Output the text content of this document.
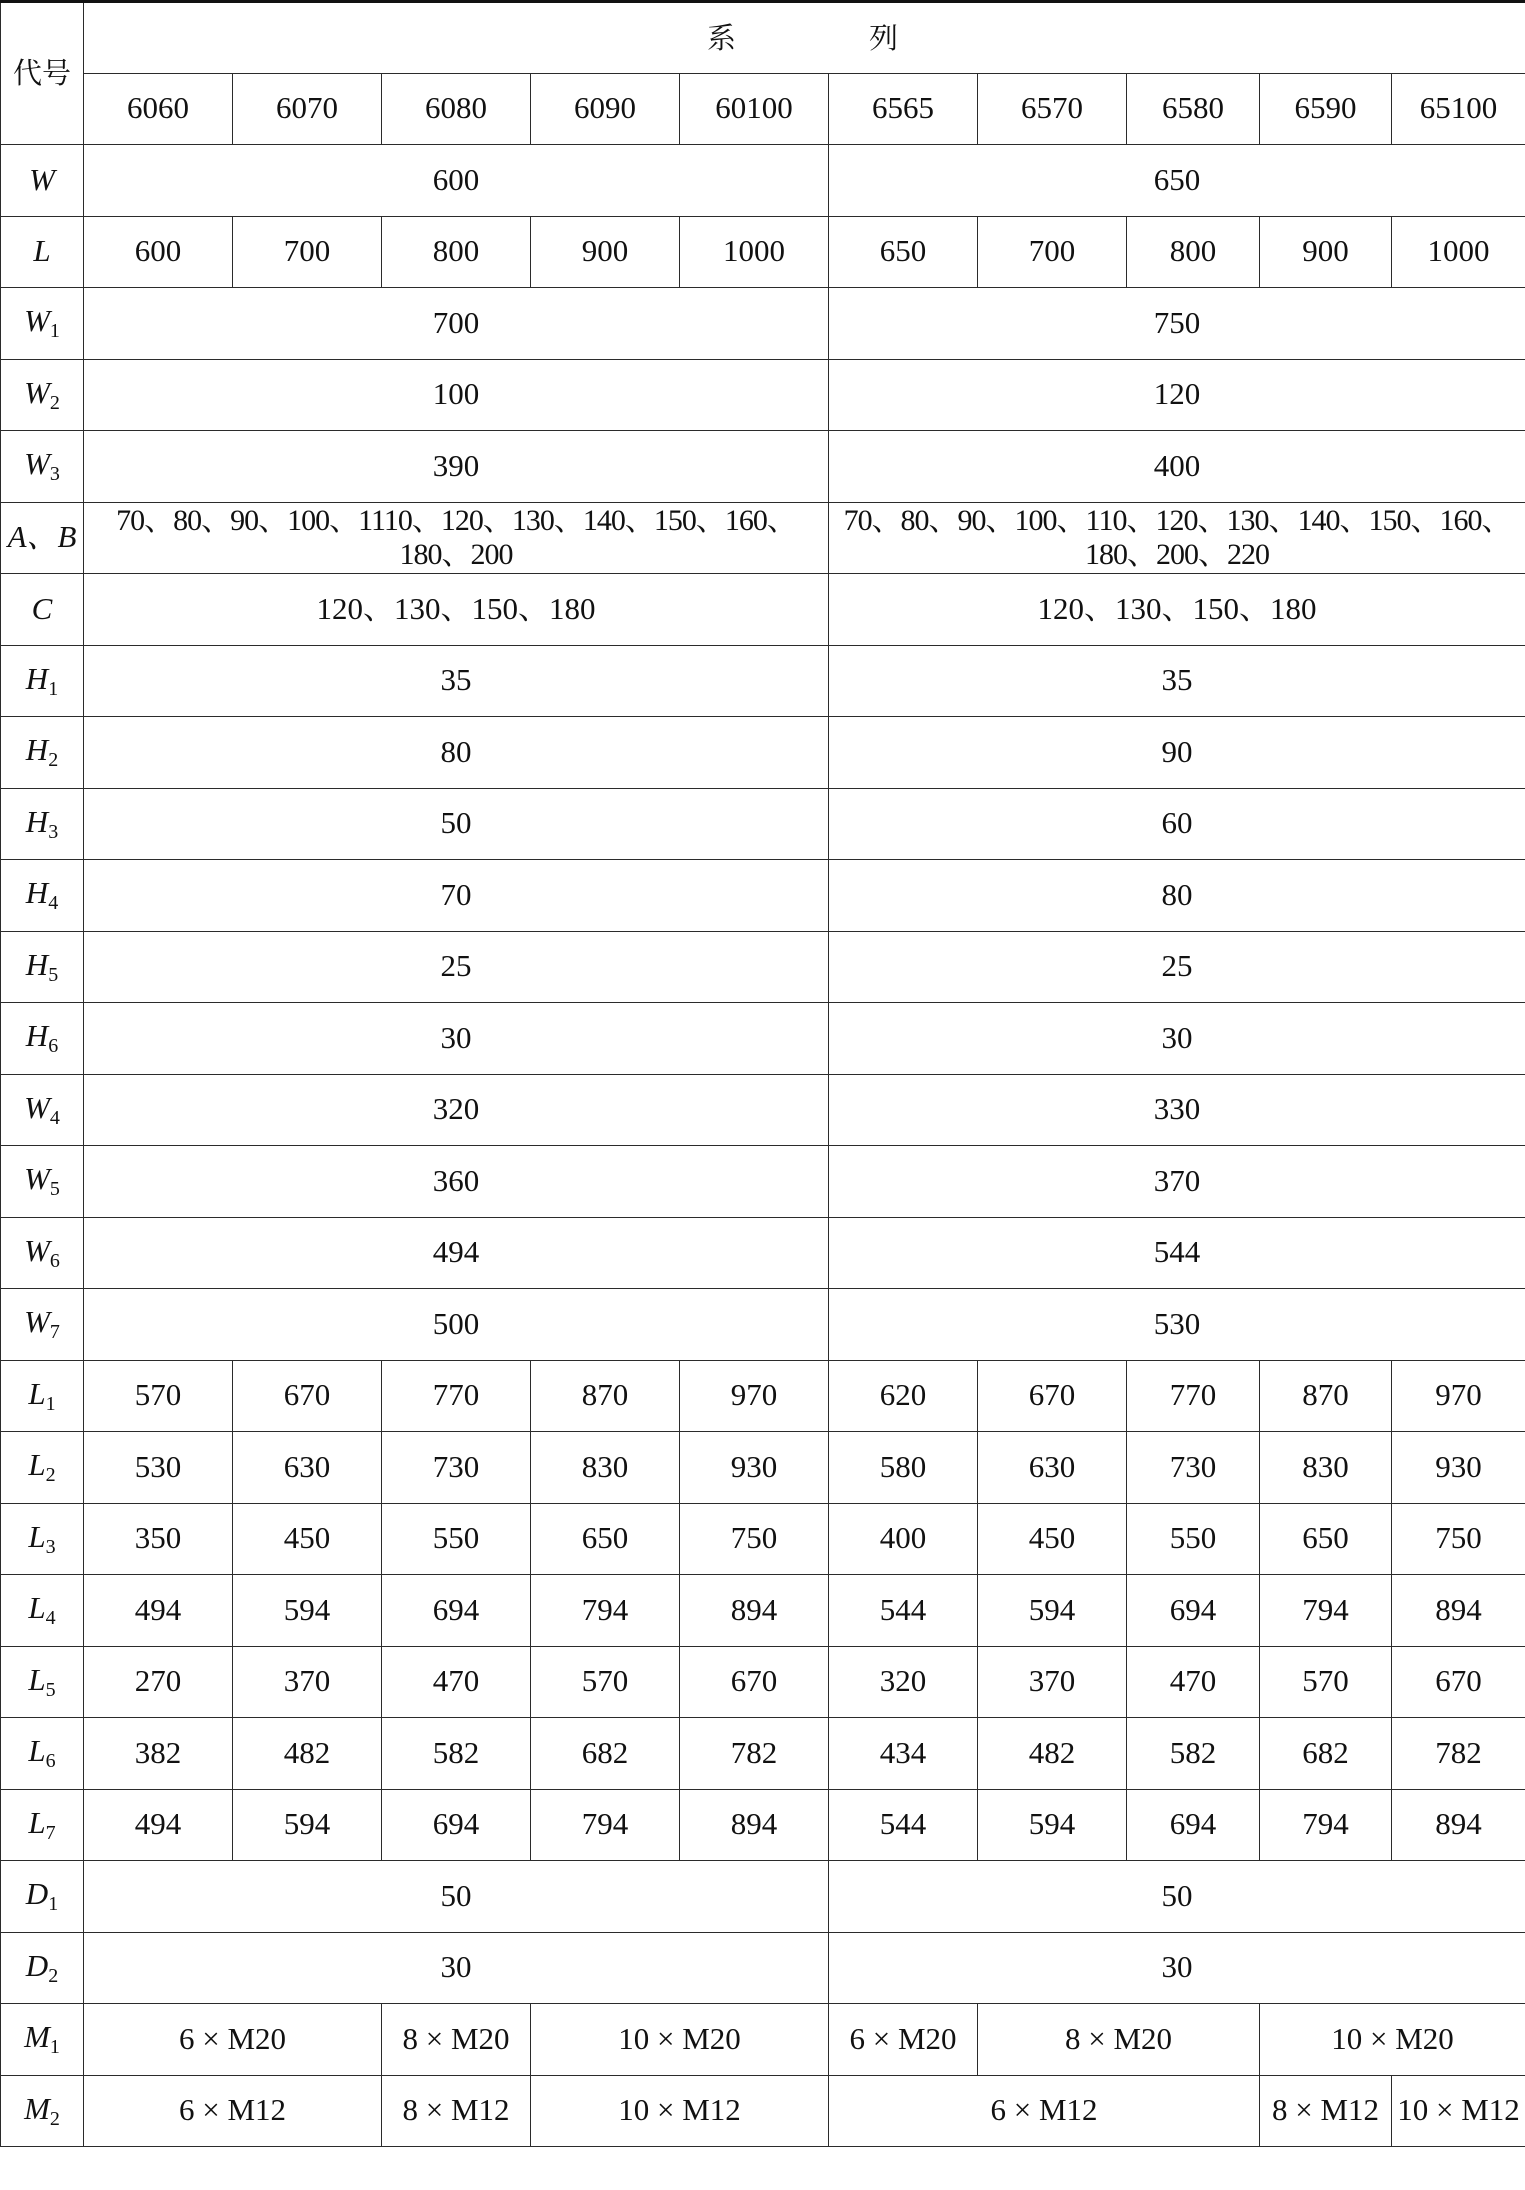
代号	系　列									
	6060	6070	6080	6090	60100	6565	6570	6580	6590	65100
W	600					650				
L	600	700	800	900	1000	650	700	800	900	1000
$W_1$	700					750				
$W_2$	100					120				
$W_3$	390					400				
A、B	70、80、90、100、1110、120、130、140、150、160、180、200					70、80、90、100、110、120、130、140、150、160、180、200、220				
C	120、130、150、180					120、130、150、180				
$H_1$	35					35				
$H_2$	80					90				
$H_3$	50					60				
$H_4$	70					80				
$H_5$	25					25				
$H_6$	30					30				
$W_4$	320					330				
$W_5$	360					370				
$W_6$	494					544				
$W_7$	500					530				
$L_1$	570	670	770	870	970	620	670	770	870	970
$L_2$	530	630	730	830	930	580	630	730	830	930
$L_3$	350	450	550	650	750	400	450	550	650	750
$L_4$	494	594	694	794	894	544	594	694	794	894
$L_5$	270	370	470	570	670	320	370	470	570	670
$L_6$	382	482	582	682	782	434	482	582	682	782
$L_7$	494	594	694	794	894	544	594	694	794	894
$D_1$	50					50				
$D_2$	30					30				
$M_1$	6 × M20		8 × M20	10 × M20		6 × M20	8 × M20		10 × M20	
$M_2$	6 × M12		8 × M12	10 × M12		6 × M12			8 × M12	10 × M12
